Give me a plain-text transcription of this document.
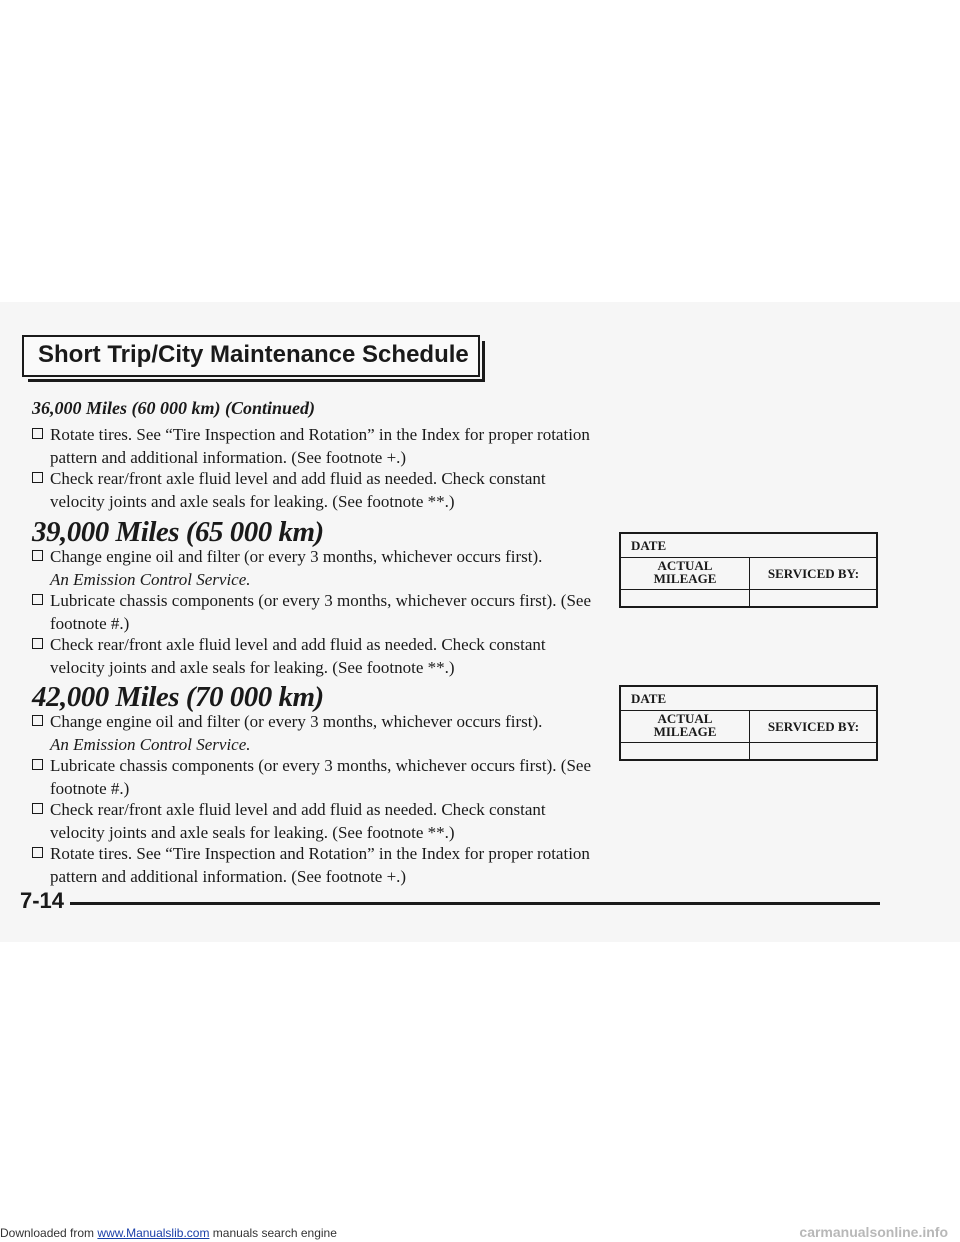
Short Trip/City Maintenance Schedule
36,000 Miles (60 000 km) (Continued)
Rotate tires. See “Tire Inspection and Rotation” in the Index for proper rotation pattern and additional information. (See footnote +.)
Check rear/front axle fluid level and add fluid as needed. Check constant velocity joints and axle seals for leaking. (See footnote **.)
39,000 Miles (65 000 km)
Change engine oil and filter (or every 3 months, whichever occurs first).
An Emission Control Service.
Lubricate chassis components (or every 3 months, whichever occurs first). (See footnote #.)
Check rear/front axle fluid level and add fluid as needed. Check constant velocity joints and axle seals for leaking. (See footnote **.)
DATE
ACTUAL
MILEAGE	SERVICED BY:
42,000 Miles (70 000 km)
Change engine oil and filter (or every 3 months, whichever occurs first).
An Emission Control Service.
Lubricate chassis components (or every 3 months, whichever occurs first). (See footnote #.)
Check rear/front axle fluid level and add fluid as needed. Check constant velocity joints and axle seals for leaking. (See footnote **.)
Rotate tires. See “Tire Inspection and Rotation” in the Index for proper rotation pattern and additional information. (See footnote +.)
DATE
ACTUAL
MILEAGE	SERVICED BY:
7-14
Downloaded from www.Manualslib.com manuals search engine	carmanualsonline.info
